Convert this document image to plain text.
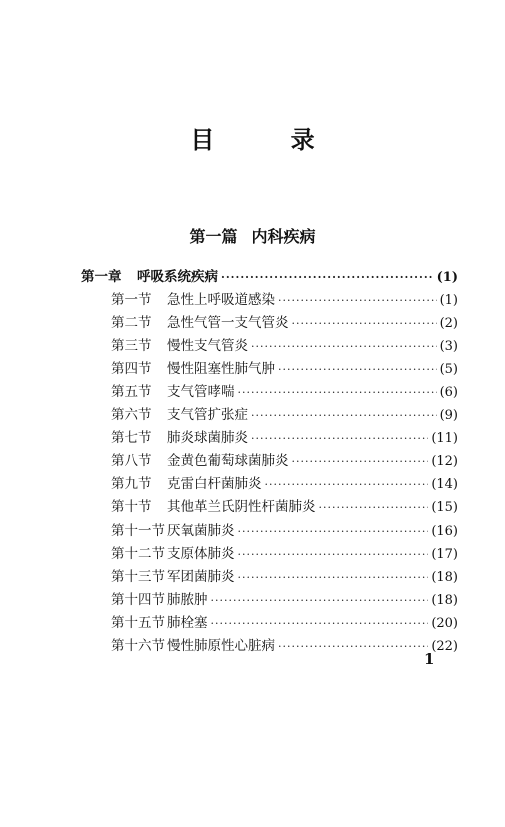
目 录
第一篇 内科疾病
第一章	呼吸系统疾病 ·····	(1)
第一节	急性上呼吸道感染 ·····	(1)
第二节	急性气管一支气管炎 ·····	(2)
第三节	慢性支气管炎 ·····	(3)
第四节	慢性阻塞性肺气肿 ·····	(5)
第五节	支气管哮喘 ·····	(6)
第六节	支气管扩张症 ·····	(9)
第七节	肺炎球菌肺炎 ·····	(11)
第八节	金黄色葡萄球菌肺炎 ·····	(12)
第九节	克雷白杆菌肺炎 ·····	(14)
第十节	其他革兰氏阴性杆菌肺炎 ·····	(15)
第十一节 厌氧菌肺炎 ·····	(16)
第十二节 支原体肺炎 ·····	(17)
第十三节 军团菌肺炎 ·····	(18)
第十四节 肺脓肿 ·····	(18)
第十五节 肺栓塞 ·····	(20)
第十六节 慢性肺原性心脏病 ·····	(22)
1
